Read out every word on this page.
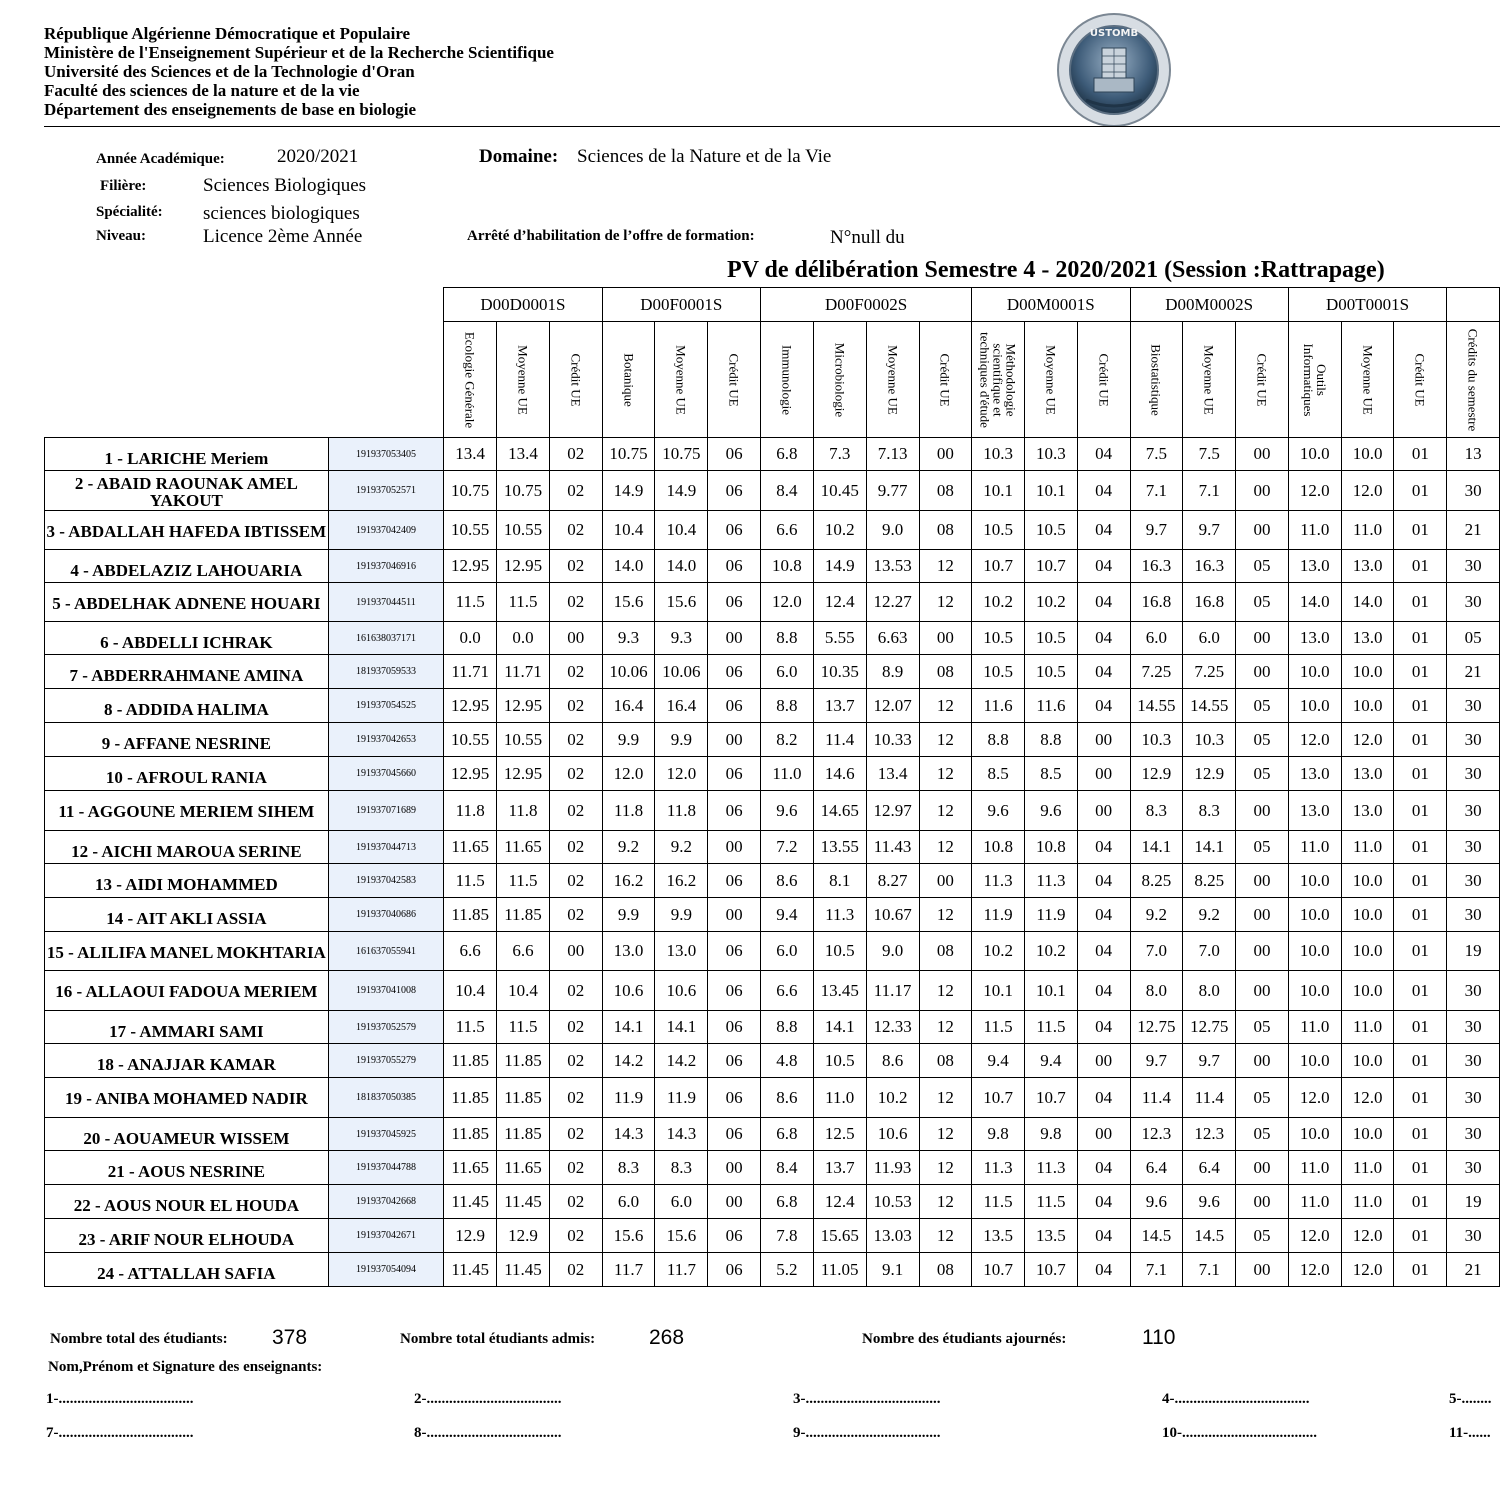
République Algérienne Démocratique et Populaire
Ministère de l'Enseignement Supérieur et de la Recherche Scientifique
Université des Sciences et de la Technologie d'Oran
Faculté des sciences de la nature et de la vie
Département des enseignements de base en biologie
USTOMB
Année Académique:	2020/2021
Filière:	Sciences Biologiques
Spécialité: sciences biologiques
Niveau:	Licence 2ème Année
Domaine: Sciences de la Nature et de la Vie
Arrêté d’habilitation de l’offre de formation:	N°null du
PV de délibération Semestre 4 - 2020/2021 (Session :Rattrapage)
		D00D0001S			D00F0001S			D00F0002S				D00M0001S			D00M0002S			D00T0001S			

		Ecologie Générale	Moyenne UE	Crédit UE	Botanique	Moyenne UE	Crédit UE	Immunologie	Microbiologie	Moyenne UE	Crédit UE	Méthodologie scientifique et techniques d'étude	Moyenne UE	Crédit UE	Biostatistique	Moyenne UE	Crédit UE	Outils Informatiques	Moyenne UE	Crédit UE	Crédits du semestre

1 - LARICHE Meriem	191937053405	13.4	13.4	02	10.75	10.75	06	6.8	7.3	7.13	00	10.3	10.3	04	7.5	7.5	00	10.0	10.0	01	13
2 - ABAID RAOUNAK AMEL YAKOUT	191937052571	10.75	10.75	02	14.9	14.9	06	8.4	10.45	9.77	08	10.1	10.1	04	7.1	7.1	00	12.0	12.0	01	30
3 - ABDALLAH HAFEDA IBTISSEM	191937042409	10.55	10.55	02	10.4	10.4	06	6.6	10.2	9.0	08	10.5	10.5	04	9.7	9.7	00	11.0	11.0	01	21
4 - ABDELAZIZ LAHOUARIA	191937046916	12.95	12.95	02	14.0	14.0	06	10.8	14.9	13.53	12	10.7	10.7	04	16.3	16.3	05	13.0	13.0	01	30
5 - ABDELHAK ADNENE HOUARI	191937044511	11.5	11.5	02	15.6	15.6	06	12.0	12.4	12.27	12	10.2	10.2	04	16.8	16.8	05	14.0	14.0	01	30
6 - ABDELLI ICHRAK	161638037171	0.0	0.0	00	9.3	9.3	00	8.8	5.55	6.63	00	10.5	10.5	04	6.0	6.0	00	13.0	13.0	01	05
7 - ABDERRAHMANE AMINA	181937059533	11.71	11.71	02	10.06	10.06	06	6.0	10.35	8.9	08	10.5	10.5	04	7.25	7.25	00	10.0	10.0	01	21
8 - ADDIDA HALIMA	191937054525	12.95	12.95	02	16.4	16.4	06	8.8	13.7	12.07	12	11.6	11.6	04	14.55	14.55	05	10.0	10.0	01	30
9 - AFFANE NESRINE	191937042653	10.55	10.55	02	9.9	9.9	00	8.2	11.4	10.33	12	8.8	8.8	00	10.3	10.3	05	12.0	12.0	01	30
10 - AFROUL RANIA	191937045660	12.95	12.95	02	12.0	12.0	06	11.0	14.6	13.4	12	8.5	8.5	00	12.9	12.9	05	13.0	13.0	01	30
11 - AGGOUNE MERIEM SIHEM	191937071689	11.8	11.8	02	11.8	11.8	06	9.6	14.65	12.97	12	9.6	9.6	00	8.3	8.3	00	13.0	13.0	01	30
12 - AICHI MAROUA SERINE	191937044713	11.65	11.65	02	9.2	9.2	00	7.2	13.55	11.43	12	10.8	10.8	04	14.1	14.1	05	11.0	11.0	01	30
13 - AIDI MOHAMMED	191937042583	11.5	11.5	02	16.2	16.2	06	8.6	8.1	8.27	00	11.3	11.3	04	8.25	8.25	00	10.0	10.0	01	30
14 - AIT AKLI ASSIA	191937040686	11.85	11.85	02	9.9	9.9	00	9.4	11.3	10.67	12	11.9	11.9	04	9.2	9.2	00	10.0	10.0	01	30
15 - ALILIFA MANEL MOKHTARIA	161637055941	6.6	6.6	00	13.0	13.0	06	6.0	10.5	9.0	08	10.2	10.2	04	7.0	7.0	00	10.0	10.0	01	19
16 - ALLAOUI FADOUA MERIEM	191937041008	10.4	10.4	02	10.6	10.6	06	6.6	13.45	11.17	12	10.1	10.1	04	8.0	8.0	00	10.0	10.0	01	30
17 - AMMARI SAMI	191937052579	11.5	11.5	02	14.1	14.1	06	8.8	14.1	12.33	12	11.5	11.5	04	12.75	12.75	05	11.0	11.0	01	30
18 - ANAJJAR KAMAR	191937055279	11.85	11.85	02	14.2	14.2	06	4.8	10.5	8.6	08	9.4	9.4	00	9.7	9.7	00	10.0	10.0	01	30
19 - ANIBA MOHAMED NADIR	181837050385	11.85	11.85	02	11.9	11.9	06	8.6	11.0	10.2	12	10.7	10.7	04	11.4	11.4	05	12.0	12.0	01	30
20 - AOUAMEUR WISSEM	191937045925	11.85	11.85	02	14.3	14.3	06	6.8	12.5	10.6	12	9.8	9.8	00	12.3	12.3	05	10.0	10.0	01	30
21 - AOUS NESRINE	191937044788	11.65	11.65	02	8.3	8.3	00	8.4	13.7	11.93	12	11.3	11.3	04	6.4	6.4	00	11.0	11.0	01	30
22 - AOUS NOUR EL HOUDA	191937042668	11.45	11.45	02	6.0	6.0	00	6.8	12.4	10.53	12	11.5	11.5	04	9.6	9.6	00	11.0	11.0	01	19
23 - ARIF NOUR ELHOUDA	191937042671	12.9	12.9	02	15.6	15.6	06	7.8	15.65	13.03	12	13.5	13.5	04	14.5	14.5	05	12.0	12.0	01	30
24 - ATTALLAH SAFIA	191937054094	11.45	11.45	02	11.7	11.7	06	5.2	11.05	9.1	08	10.7	10.7	04	7.1	7.1	00	12.0	12.0	01	21
Nombre total des étudiants: 378	Nombre total étudiants admis:	268	Nombre des étudiants ajournés:	110
Nom,Prénom et Signature des enseignants:
1-....................................	2-....................................	3-....................................	4-....................................	5-........
7-....................................	8-....................................	9-....................................	10-....................................	11-......
